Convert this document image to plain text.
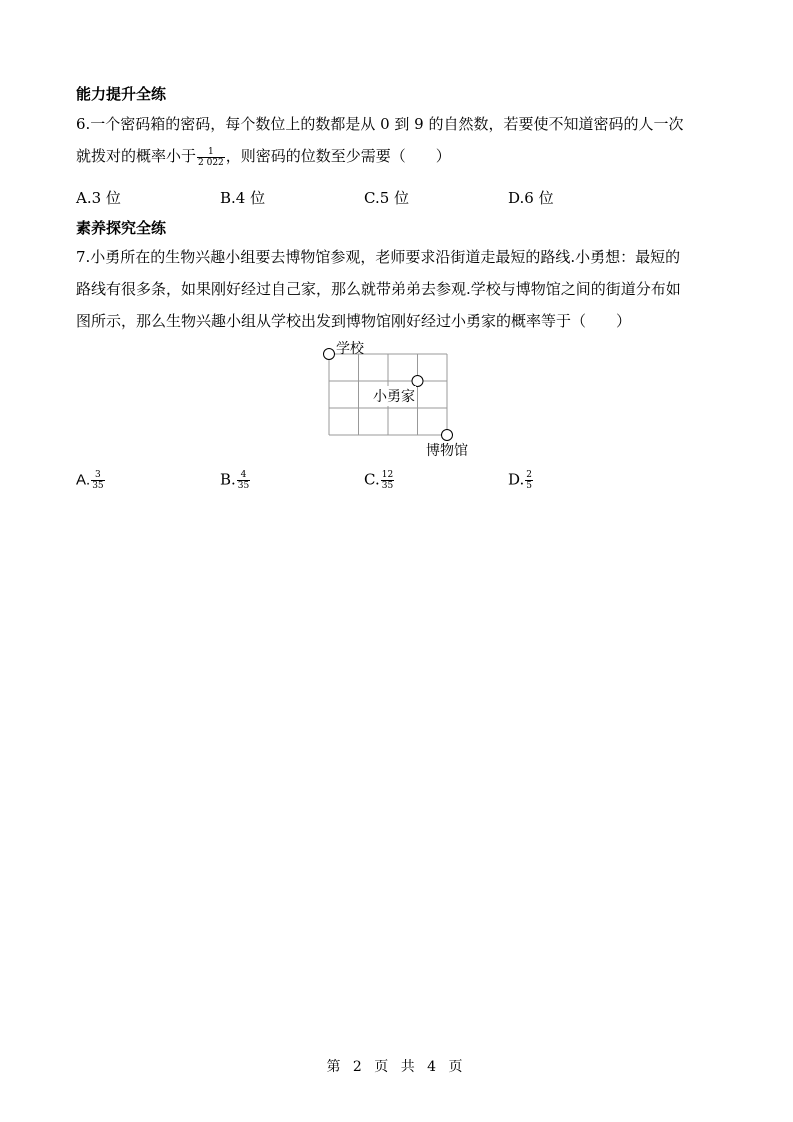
能力提升全练
6.一个密码箱的密码，每个数位上的数都是从 0 到 9 的自然数，若要使不知道密码的人一次
就拨对的概率小于 $\frac{1}{2 022}$ ，则密码的位数至少需要（　　）
A.3 位	B.4 位	C.5 位	D.6 位
素养探究全练
7.小勇所在的生物兴趣小组要去博物馆参观，老师要求沿街道走最短的路线.小勇想：最短的
路线有很多条，如果刚好经过自己家，那么就带弟弟去参观.学校与博物馆之间的街道分布如
图所示，那么生物兴趣小组从学校出发到博物馆刚好经过小勇家的概率等于（　　）
学校
小勇家
博物馆
A. $\frac{3}{35}$	B. $\frac{4}{35}$	C. $\frac{12}{35}$	D. $\frac{2}{5}$
第 2 页 共 4 页
